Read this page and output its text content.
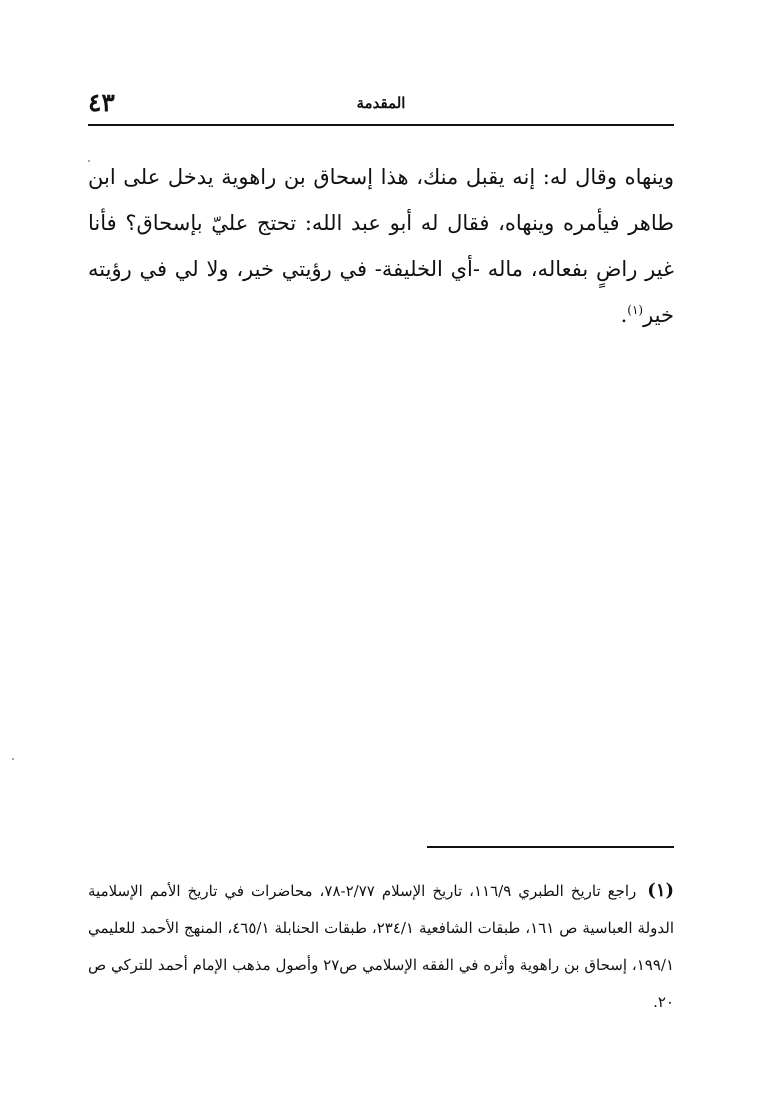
المقدمة
٤٣
وينهاه وقال له: إنه يقبل منك، هذا إسحاق بن راهوية يدخل على ابن طاهر فيأمره وينهاه، فقال له أبو عبد الله: تحتج عليّ بإسحاق؟ فأنا غير راضٍ بفعاله، ماله -أي الخليفة- في رؤيتي خير، ولا لي في رؤيته خير$^{(١)}$.
(١) راجع تاريخ الطبري ١١٦/٩، تاريخ الإسلام ٢/٧٧-٧٨، محاضرات في تاريخ الأمم الإسلامية الدولة العباسية ص ١٦١، طبقات الشافعية ٢٣٤/١، طبقات الحنابلة ٤٦٥/١، المنهج الأحمد للعليمي ١٩٩/١، إسحاق بن راهوية وأثره في الفقه الإسلامي ص٢٧ وأصول مذهب الإمام أحمد للتركي ص ٢٠.
